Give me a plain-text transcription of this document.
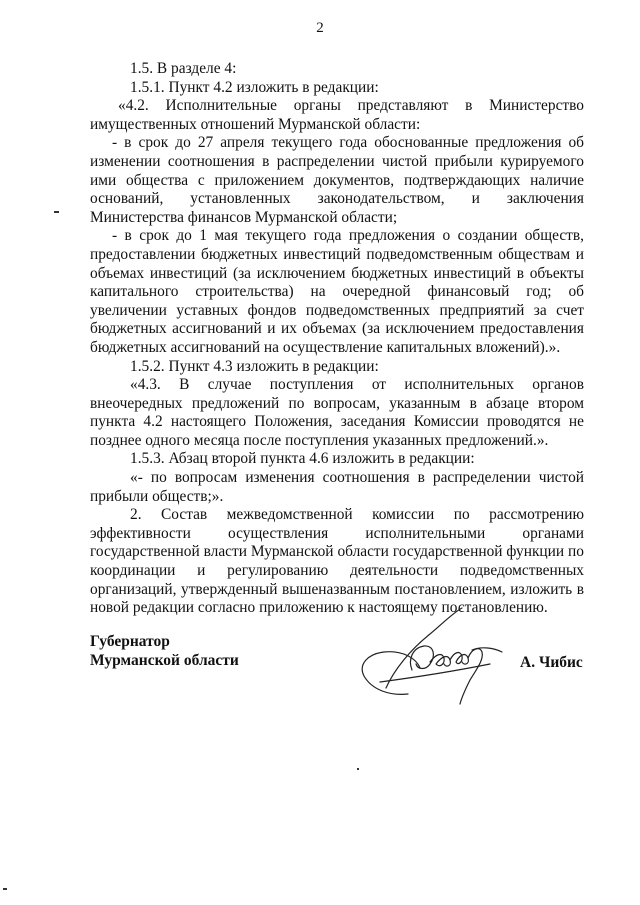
2

1.5. В разделе 4:

1.5.1. Пункт 4.2 изложить в редакции:

«4.2. Исполнительные органы представляют в Министерство имущественных отношений Мурманской области:

- в срок до 27 апреля текущего года обоснованные предложения об изменении соотношения в распределении чистой прибыли курируемого ими общества с приложением документов, подтверждающих наличие оснований, установленных законодательством, и заключения Министерства финансов Мурманской области;

- в срок до 1 мая текущего года предложения о создании обществ, предоставлении бюджетных инвестиций подведомственным обществам и объемах инвестиций (за исключением бюджетных инвестиций в объекты капитального строительства) на очередной финансовый год; об увеличении уставных фондов подведомственных предприятий за счет бюджетных ассигнований и их объемах (за исключением предоставления бюджетных ассигнований на осуществление капитальных вложений).».

1.5.2. Пункт 4.3 изложить в редакции:

«4.3. В случае поступления от исполнительных органов внеочередных предложений по вопросам, указанным в абзаце втором пункта 4.2 настоящего Положения, заседания Комиссии проводятся не позднее одного месяца после поступления указанных предложений.».

1.5.3. Абзац второй пункта 4.6 изложить в редакции:

«- по вопросам изменения соотношения в распределении чистой прибыли обществ;».

2. Состав межведомственной комиссии по рассмотрению эффективности осуществления исполнительными органами государственной власти Мурманской области государственной функции по координации и регулированию деятельности подведомственных организаций, утвержденный вышеназванным постановлением, изложить в новой редакции согласно приложению к настоящему постановлению.

Губернатор
Мурманской области	А. Чибис
